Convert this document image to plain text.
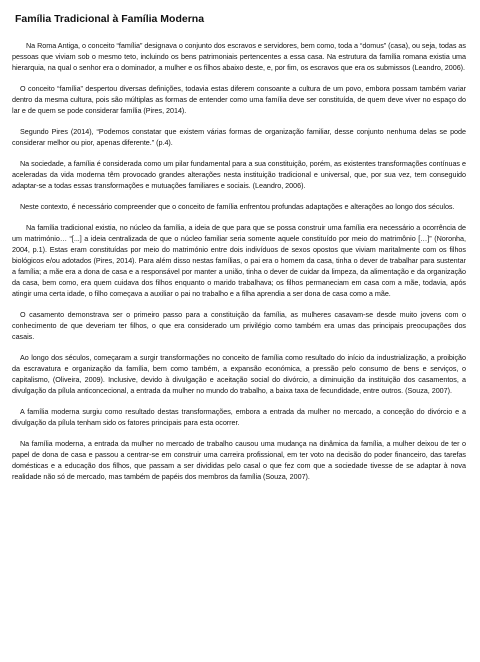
Família Tradicional à Família Moderna

Na Roma Antiga, o conceito “família” designava o conjunto dos escravos e servidores, bem como, toda a “domus” (casa), ou seja, todas as pessoas que viviam sob o mesmo teto, incluindo os bens patrimoniais pertencentes a essa casa. Na estrutura da família romana existia uma hierarquia, na qual o senhor era o dominador, a mulher e os filhos abaixo deste, e, por fim, os escravos que era os submissos (Leandro, 2006).

O conceito “família” despertou diversas definições, todavia estas diferem consoante a cultura de um povo, embora possam também variar dentro da mesma cultura, pois são múltiplas as formas de entender como uma família deve ser constituída, de quem deve viver no espaço do lar e de quem se pode considerar família (Pires, 2014).

Segundo Pires (2014), “Podemos constatar que existem várias formas de organização familiar, desse conjunto nenhuma delas se pode considerar melhor ou pior, apenas diferente.” (p.4).

Na sociedade, a família é considerada como um pilar fundamental para a sua constituição, porém, as existentes transformações contínuas e aceleradas da vida moderna têm provocado grandes alterações nesta instituição tradicional e universal, que, por sua vez, tem conseguido adaptar-se a todas essas transformações e mutuações familiares e sociais. (Leandro, 2006).

Neste contexto, é necessário compreender que o conceito de família enfrentou profundas adaptações e alterações ao longo dos séculos.

Na família tradicional existia, no núcleo da família, a ideia de que para que se possa construir uma família era necessário a ocorrência de um matrimónio… “[...] a ideia centralizada de que o núcleo familiar seria somente aquele constituído por meio do matrimônio […]” (Noronha, 2004, p.1). Estas eram constituídas por meio do matrimónio entre dois indivíduos de sexos opostos que viviam maritalmente com os filhos biológicos e/ou adotados (Pires, 2014). Para além disso nestas famílias, o pai era o homem da casa, tinha o dever de trabalhar para sustentar a família; a mãe era a dona de casa e a responsável por manter a união, tinha o dever de cuidar da limpeza, da alimentação e da organização da casa, bem como, era quem cuidava dos filhos enquanto o marido trabalhava; os filhos permaneciam em casa com a mãe, todavia, após atingir uma certa idade, o filho começava a auxiliar o pai no trabalho e a filha aprendia a ser dona de casa como a mãe.

O casamento demonstrava ser o primeiro passo para a constituição da família, as mulheres casavam-se desde muito jovens com o conhecimento de que deveriam ter filhos, o que era considerado um privilégio como também era umas das principais preocupações dos casais.

Ao longo dos séculos, começaram a surgir transformações no conceito de família como resultado do início da industrialização, a proibição da escravatura e organização da família, bem como também, a expansão económica, a pressão pelo consumo de bens e serviços, o capitalismo, (Oliveira, 2009). Inclusive, devido à divulgação e aceitação social do divórcio, a diminuição da instituição dos casamentos, a divulgação da pílula anticoncecional, a entrada da mulher no mundo do trabalho, a baixa taxa de fecundidade, entre outros. (Souza, 2007).

A família moderna surgiu como resultado destas transformações, embora a entrada da mulher no mercado, a conceção do divórcio e a divulgação da pílula tenham sido os fatores principais para esta ocorrer.

Na família moderna, a entrada da mulher no mercado de trabalho causou uma mudança na dinâmica da família, a mulher deixou de ter o papel de dona de casa e passou a centrar-se em construir uma carreira profissional, em ter voto na decisão do poder financeiro, das tarefas domésticas e a educação dos filhos, que passam a ser divididas pelo casal o que fez com que a sociedade tivesse de se adaptar à nova realidade não só de mercado, mas também de papéis dos membros da família (Souza, 2007).
